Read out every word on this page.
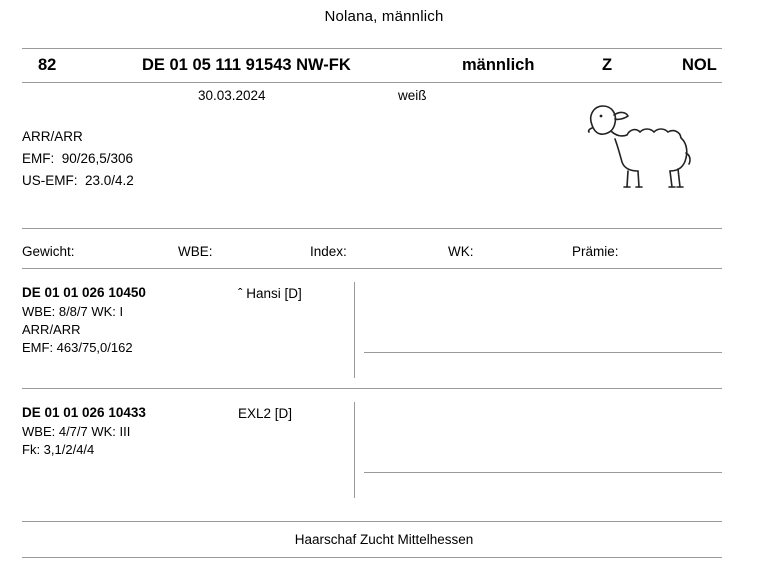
Nolana, männlich
82	DE 01 05 111 91543 NW-FK	männlich	Z	NOL
30.03.2024	weiß
ARR/ARR
EMF:  90/26,5/306
US-EMF:  23.0/4.2
Gewicht:	WBE:	Index:	WK:	Prämie:
DE 01 01 026 10450
WBE: 8/8/7 WK: I
ARR/ARR
EMF: 463/75,0/162
ˆ Hansi [D]
DE 01 01 026 10433
WBE: 4/7/7 WK: III
Fk: 3,1/2/4/4
EXL2 [D]
Haarschaf Zucht Mittelhessen
